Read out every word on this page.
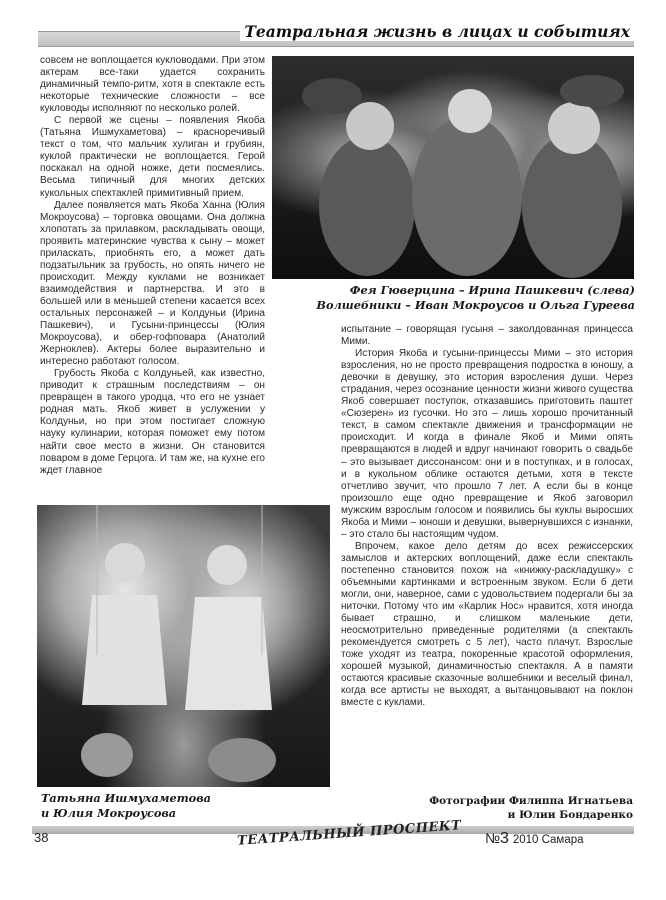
Театральная жизнь в лицах и событиях

совсем не воплощается кукловодами. При этом актерам все-таки удается сохранить динамичный темпо-ритм, хотя в спектакле есть некоторые технические сложности – все кукловоды исполняют по несколько ролей.

С первой же сцены – появления Якоба (Татьяна Ишмухаметова) – красноречивый текст о том, что мальчик хулиган и грубиян, куклой практически не воплощается. Герой поскакал на одной ножке, дети посмеялись. Весьма типичный для многих детских кукольных спектаклей примитивный прием.

Далее появляется мать Якоба Ханна (Юлия Мокроусова) – торговка овощами. Она должна хлопотать за прилавком, раскладывать овощи, проявить материнские чувства к сыну – может приласкать, приобнять его, а может дать подзатыльник за грубость, но опять ничего не происходит. Между куклами не возникает взаимодействия и партнерства. И это в большей или в меньшей степени касается всех остальных персонажей – и Колдуньи (Ирина Пашкевич), и Гусыни-принцессы (Юлия Мокроусова), и обер-гофповара (Анатолий Жерноклев). Актеры более выразительно и интересно работают голосом.

Грубость Якоба с Колдуньей, как известно, приводит к страшным последствиям – он превращен в такого уродца, что его не узнает родная мать. Якоб живет в услужении у Колдуньи, но при этом постигает сложную науку кулинарии, которая поможет ему потом найти свое место в жизни. Он становится поваром в доме Герцога. И там же, на кухне его ждет главное

Фея Гюверцина – Ирина Пашкевич (слева)
Волшебники – Иван Мокроусов и Ольга Гуреева

испытание – говорящая гусыня – заколдованная принцесса Мими.

История Якоба и гусыни-принцессы Мими – это история взросления, но не просто превращения подростка в юношу, а девочки в девушку, это история взросления души. Через страдания, через осознание ценности жизни живого существа Якоб совершает поступок, отказавшись приготовить паштет «Сюзерен» из гусочки. Но это – лишь хорошо прочитанный текст, в самом спектакле движения и трансформации не происходит. И когда в финале Якоб и Мими опять превращаются в людей и вдруг начинают говорить о свадьбе – это вызывает диссонансом: они и в поступках, и в голосах, и в кукольном облике остаются детьми, хотя в тексте отчетливо звучит, что прошло 7 лет. А если бы в конце произошло еще одно превращение и Якоб заговорил мужским взрослым голосом и появились бы куклы выросших Якоба и Мими – юноши и девушки, вывернувшихся с изнанки, – это стало бы настоящим чудом.

Впрочем, какое дело детям до всех режиссерских замыслов и актерских воплощений, даже если спектакль постепенно становится похож на «книжку-раскладушку» с объемными картинками и встроенным звуком. Если б дети могли, они, наверное, сами с удовольствием подергали бы за ниточки. Потому что им «Карлик Нос» нравится, хотя иногда бывает страшно, и слишком маленькие дети, неосмотрительно приведенные родителями (а спектакль рекомендуется смотреть с 5 лет), часто плачут. Взрослые тоже уходят из театра, покоренные красотой оформления, хорошей музыкой, динамичностью спектакля. А в памяти остаются красивые сказочные волшебники и веселый финал, когда все артисты не выходят, а вытанцовывают на поклон вместе с куклами.

Татьяна Ишмухаметова
и Юлия Мокроусова
Фотографии Филиппа Игнатьева
и Юлии Бондаренко
38	ТЕАТРАЛЬНЫЙ ПРОСПЕКТ №3 2010 Самара
